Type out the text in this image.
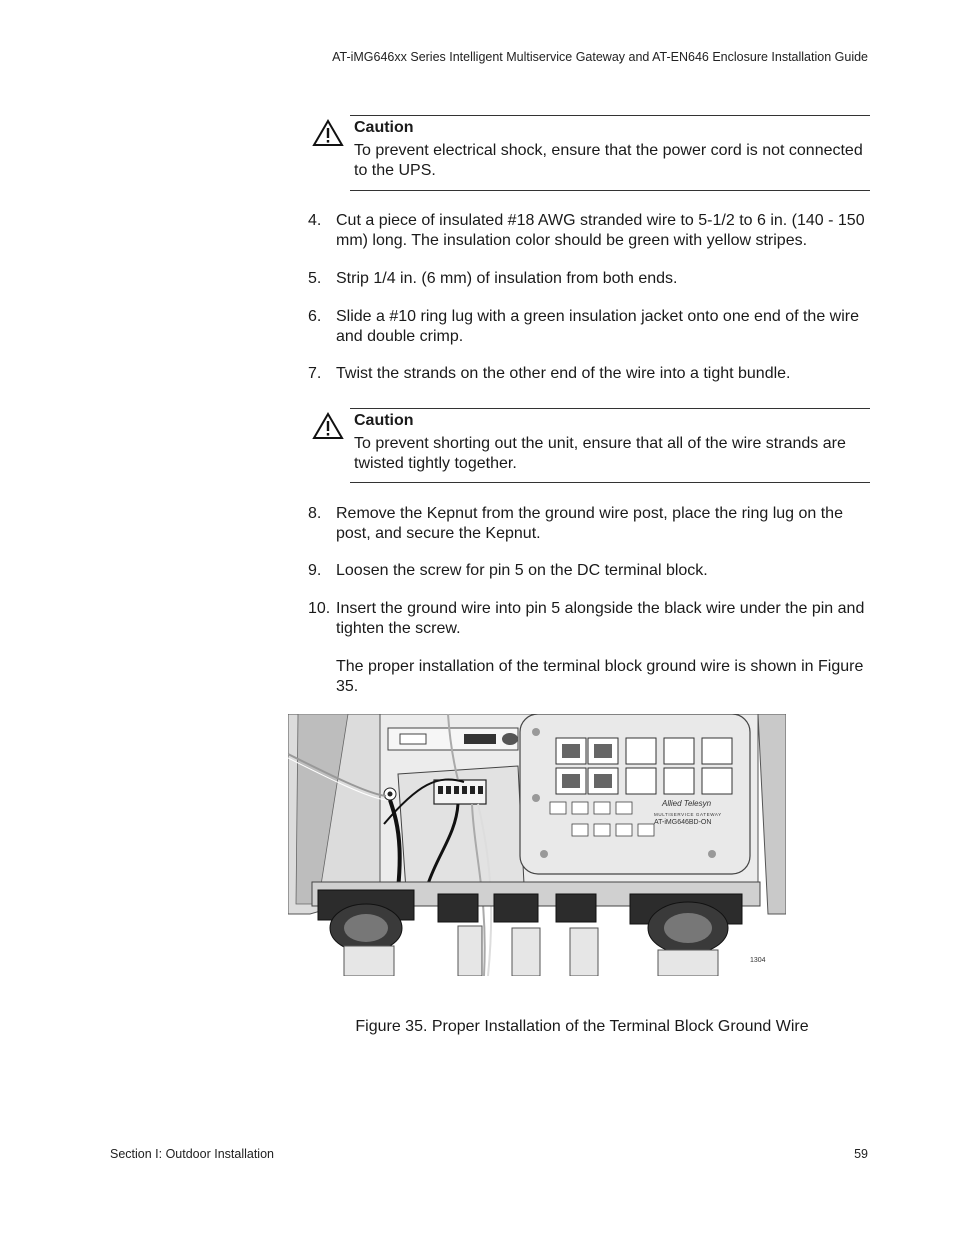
AT-iMG646xx Series Intelligent Multiservice Gateway and AT-EN646 Enclosure Installation Guide
Caution
To prevent electrical shock, ensure that the power cord is not connected to the UPS.
4. Cut a piece of insulated #18 AWG stranded wire to 5-1/2 to 6 in. (140 - 150 mm) long. The insulation color should be green with yellow stripes.
5. Strip 1/4 in. (6 mm) of insulation from both ends.
6. Slide a #10 ring lug with a green insulation jacket onto one end of the wire and double crimp.
7. Twist the strands on the other end of the wire into a tight bundle.
Caution
To prevent shorting out the unit, ensure that all of the wire strands are twisted tightly together.
8. Remove the Kepnut from the ground wire post, place the ring lug on the post, and secure the Kepnut.
9. Loosen the screw for pin 5 on the DC terminal block.
10. Insert the ground wire into pin 5 alongside the black wire under the pin and tighten the screw.
The proper installation of the terminal block ground wire is shown in Figure 35.
Allied Telesyn
MULTISERVICE GATEWAY
AT-iMG646BD-ON
1304
Figure 35. Proper Installation of the Terminal Block Ground Wire
Section I: Outdoor Installation	59
